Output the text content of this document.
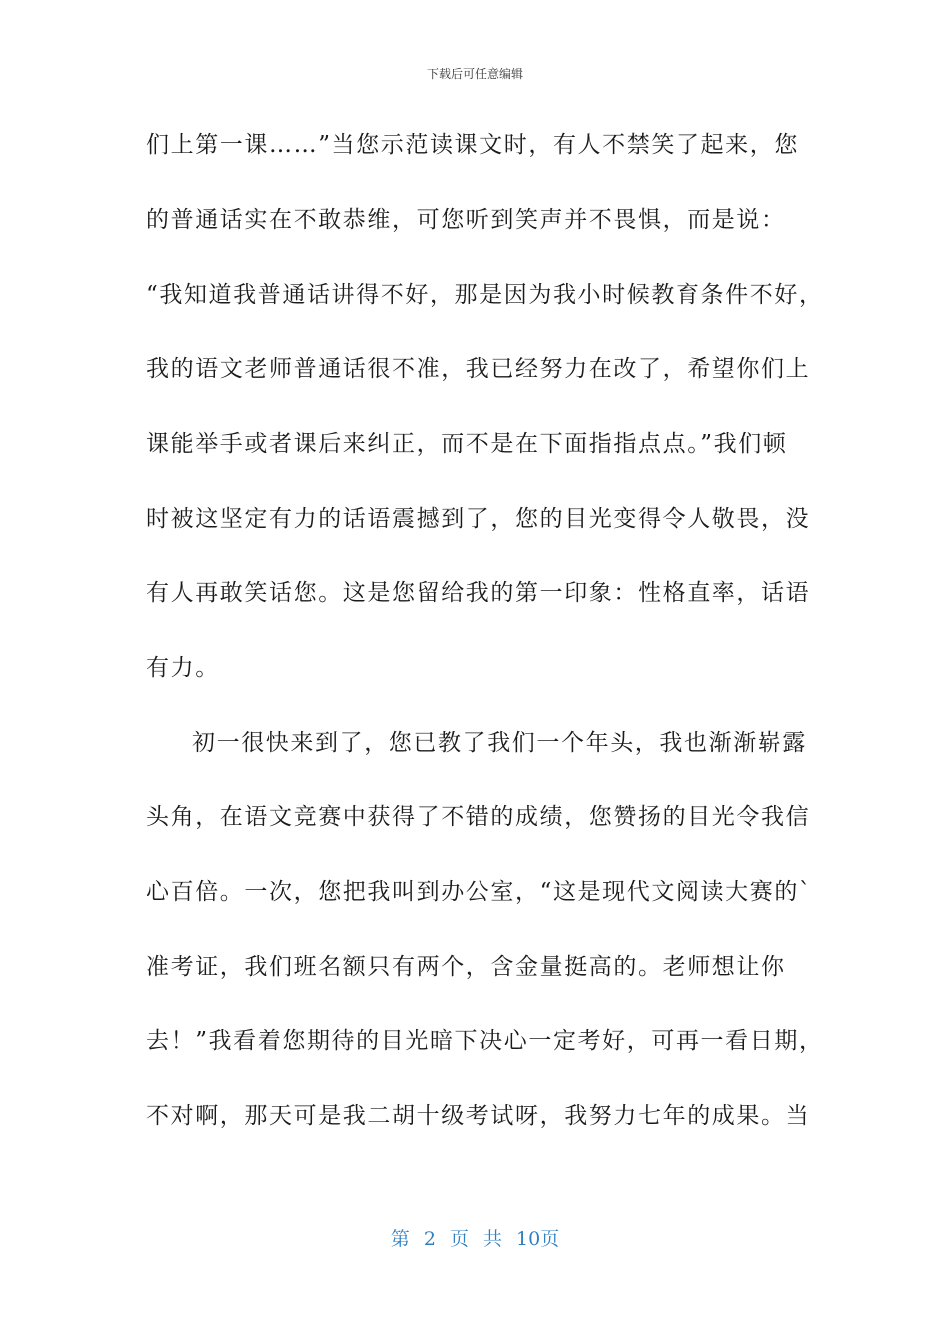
下载后可任意编辑
们上第一课……”当您示范读课文时，有人不禁笑了起来，您
的普通话实在不敢恭维，可您听到笑声并不畏惧，而是说：
“我知道我普通话讲得不好，那是因为我小时候教育条件不好，
我的语文老师普通话很不准，我已经努力在改了，希望你们上
课能举手或者课后来纠正，而不是在下面指指点点。”我们顿
时被这坚定有力的话语震撼到了，您的目光变得令人敬畏，没
有人再敢笑话您。这是您留给我的第一印象：性格直率，话语
有力。
初一很快来到了，您已教了我们一个年头，我也渐渐崭露
头角，在语文竞赛中获得了不错的成绩，您赞扬的目光令我信
心百倍。一次，您把我叫到办公室，“这是现代文阅读大赛的`
准考证，我们班名额只有两个，含金量挺高的。老师想让你
去！”我看着您期待的目光暗下决心一定考好，可再一看日期，
不对啊，那天可是我二胡十级考试呀，我努力七年的成果。当
第 2 页 共 10页
